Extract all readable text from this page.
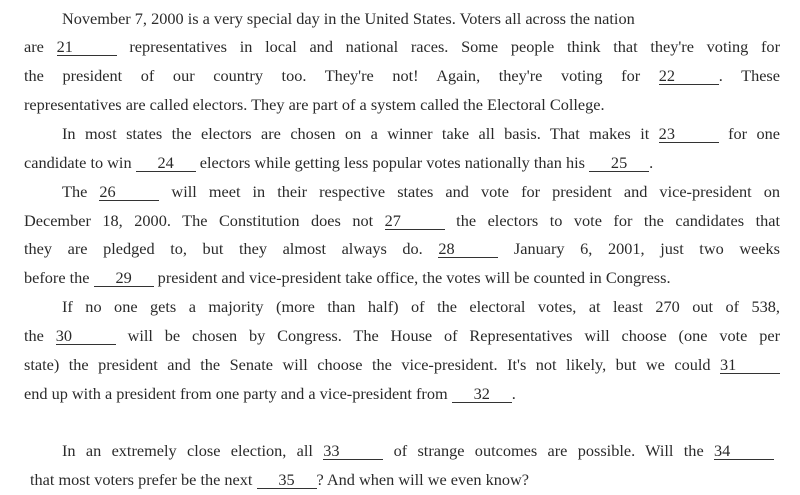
November 7, 2000 is a very special day in the United States. Voters all across the nation
are 21	representatives in local and national races. Some people think that they're voting for
the president of our country too. They're not! Again, they're voting for 22	. These
representatives are called electors. They are part of a system called the Electoral College.
In most states the electors are chosen on a winner take all basis. That makes it 23	for one
candidate to win 24 electors while getting less popular votes nationally than his 25 .
The 26	will meet in their respective states and vote for president and vice-president on
December 18, 2000. The Constitution does not 27	the electors to vote for the candidates that
they are pledged to, but they almost always do. 28	January 6, 2001, just two weeks
before the 29 president and vice-president take office, the votes will be counted in Congress.
If no one gets a majority (more than half) of the electoral votes, at least 270 out of 538,
the 30	will be chosen by Congress. The House of Representatives will choose (one vote per
state) the president and the Senate will choose the vice-president. It's not likely, but we could 31
end up with a president from one party and a vice-president from 32 .
In an extremely close election, all 33	of strange outcomes are possible. Will the 34
that most voters prefer be the next 35 ? And when will we even know?
